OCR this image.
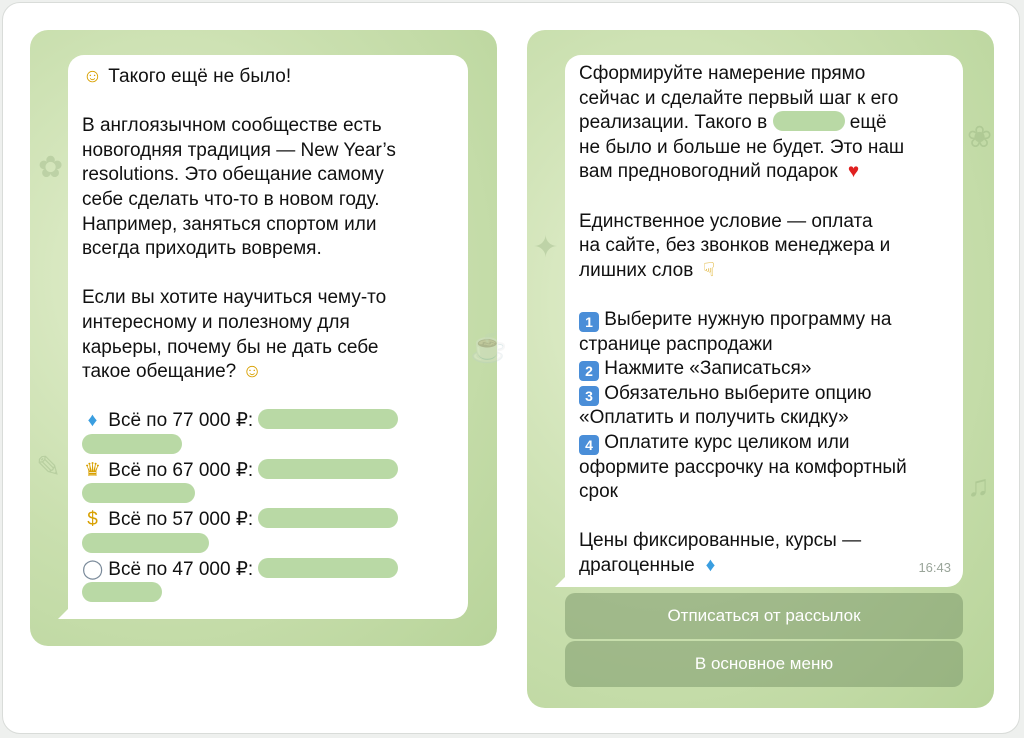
✿
☕
✎

☺ Такого ещё не было!

В англоязычном сообществе есть

новогодняя традиция — New Year’s

resolutions. Это обещание самому

себе сделать что-то в новом году.

Например, заняться спортом или

всегда приходить вовремя.

Если вы хотите научиться чему-то

интересному и полезному для

карьеры, почему бы не дать себе

такое обещание? ☺

♦ Всё по 77 000 ₽:
♛ Всё по 67 000 ₽:
$ Всё по 57 000 ₽:
◯ Всё по 47 000 ₽:
❀
✦
♫

Сформируйте намерение прямо

сейчас и сделайте первый шаг к его

реализации. Такого в	ещё

не было и больше не будет. Это наш

вам предновогодний подарок ♥

Единственное условие — оплата

на сайте, без звонков менеджера и

лишних слов ☟

1 Выберите нужную программу на

странице распродажи

2 Нажмите «Записаться»

3 Обязательно выберите опцию

«Оплатить и получить скидку»

4 Оплатите курс целиком или

оформите рассрочку на комфортный

срок

Цены фиксированные, курсы —

драгоценные ♦	16:43
Отписаться от рассылок
В основное меню
